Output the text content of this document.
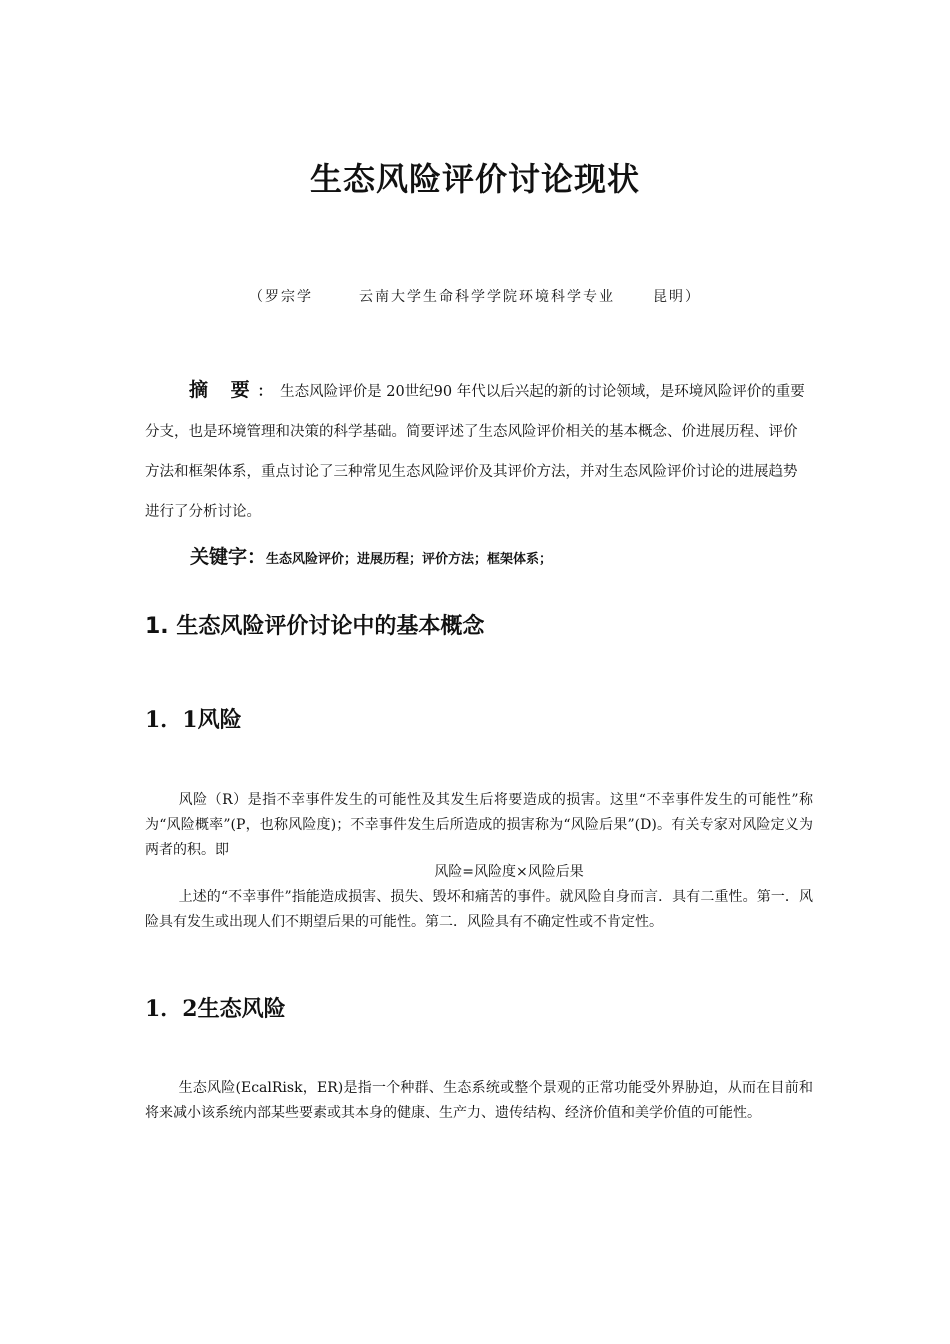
生态风险评价讨论现状
（罗宗学	云南大学生命科学学院环境科学专业	昆明）

摘 要： 生态风险评价是 20世纪90 年代以后兴起的新的讨论领域，是环境风险评价的重要分支，也是环境管理和决策的科学基础。简要评述了生态风险评价相关的基本概念、价进展历程、评价方法和框架体系，重点讨论了三种常见生态风险评价及其评价方法，并对生态风险评价讨论的进展趋势进行了分析讨论。

关键字：生态风险评价；进展历程；评价方法；框架体系；
1. 生态风险评价讨论中的基本概念
1．1风险

风险（R）是指不幸事件发生的可能性及其发生后将要造成的损害。这里“不幸事件发生的可能性”称为“风险概率”(P，也称风险度)；不幸事件发生后所造成的损害称为“风险后果”(D)。有关专家对风险定义为两者的积。即

风险=风险度×风险后果

上述的“不幸事件”指能造成损害、损失、毁坏和痛苦的事件。就风险自身而言．具有二重性。第一．风险具有发生或出现人们不期望后果的可能性。第二．风险具有不确定性或不肯定性。

1．2生态风险

生态风险(EcalRisk，ER)是指一个种群、生态系统或整个景观的正常功能受外界胁迫，从而在目前和将来减小该系统内部某些要素或其本身的健康、生产力、遗传结构、经济价值和美学价值的可能性。
